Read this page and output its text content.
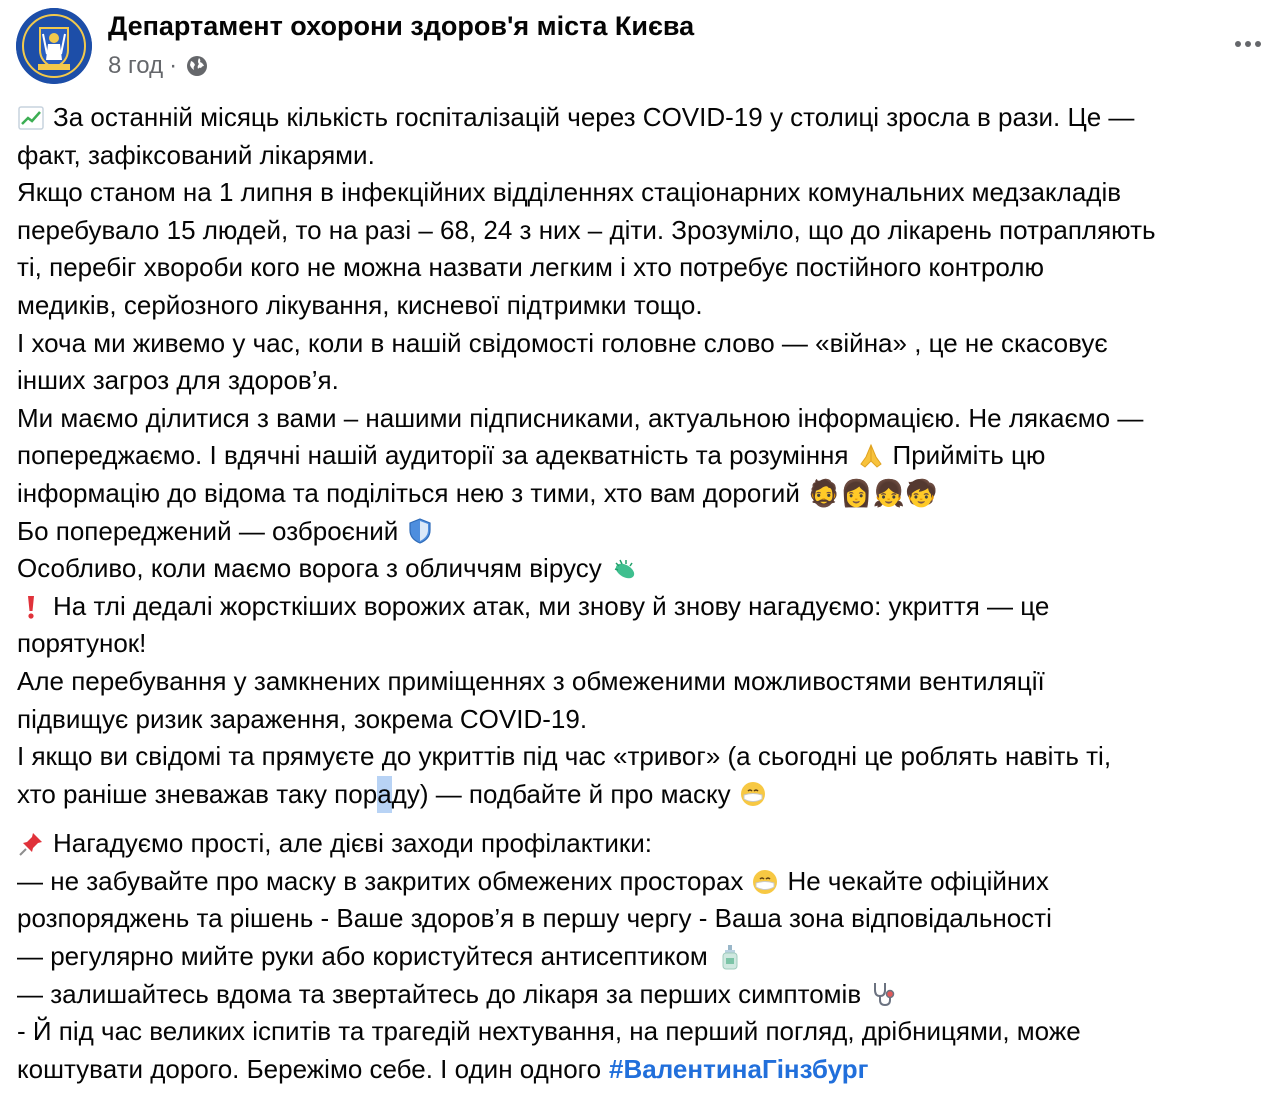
Департамент охорони здоров'я міста Києва
8 год ·
За останній місяць кількість госпіталізацій через COVID-19 у столиці зросла в рази. Це —
факт, зафіксований лікарями.
Якщо станом на 1 липня в інфекційних відділеннях стаціонарних комунальних медзакладів
перебувало 15 людей, то на разі – 68, 24 з них – діти. Зрозуміло, що до лікарень потрапляють
ті, перебіг хвороби кого не можна назвати легким і хто потребує постійного контролю
медиків, серйозного лікування, кисневої підтримки тощо.
І хоча ми живемо у час, коли в нашій свідомості головне слово — «війна» , це не скасовує
інших загроз для здоров’я.
Ми маємо ділитися з вами – нашими підписниками, актуальною інформацією. Не лякаємо —
попереджаємо. І вдячні нашій аудиторії за адекватність та розуміння Прийміть цю
інформацію до відома та поділіться нею з тими, хто вам дорогий 🧔👩👧🧒
Бо попереджений — озброєний
Особливо, коли маємо ворога з обличчям вірусу
На тлі дедалі жорсткіших ворожих атак, ми знову й знову нагадуємо: укриття — це
порятунок!
Але перебування у замкнених приміщеннях з обмеженими можливостями вентиляції
підвищує ризик зараження, зокрема COVID-19.
І якщо ви свідомі та прямуєте до укриттів під час «тривог» (а сьогодні це роблять навіть ті,
хто раніше зневажав таку пор а ду) — подбайте й про маску
Нагадуємо прості, але дієві заходи профілактики:
— не забувайте про маску в закритих обмежених просторах Не чекайте офіційних
розпоряджень та рішень - Ваше здоров’я в першу чергу - Ваша зона відповідальності
— регулярно мийте руки або користуйтеся антисептиком
— залишайтесь вдома та звертайтесь до лікаря за перших симптомів
- Й під час великих іспитів та трагедій нехтування, на перший погляд, дрібницями, може
коштувати дорого. Бережімо себе. І один одного #ВалентинаГінзбург
